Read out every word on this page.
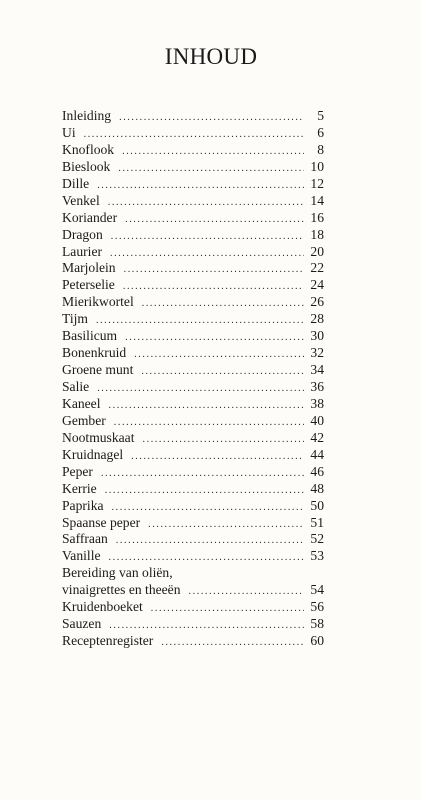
INHOUD
Inleiding .....	5
Ui .....	6
Knoflook .....	8
Bieslook .....	10
Dille .....	12
Venkel .....	14
Koriander .....	16
Dragon .....	18
Laurier .....	20
Marjolein .....	22
Peterselie .....	24
Mierikwortel .....	26
Tijm .....	28
Basilicum .....	30
Bonenkruid .....	32
Groene munt .....	34
Salie .....	36
Kaneel .....	38
Gember .....	40
Nootmuskaat .....	42
Kruidnagel .....	44
Peper .....	46
Kerrie .....	48
Paprika .....	50
Spaanse peper .....	51
Saffraan .....	52
Vanille .....	53
Bereiding van oliën,
vinaigrettes en theeën .....	54
Kruidenboeket .....	56
Sauzen .....	58
Receptenregister .....	60
